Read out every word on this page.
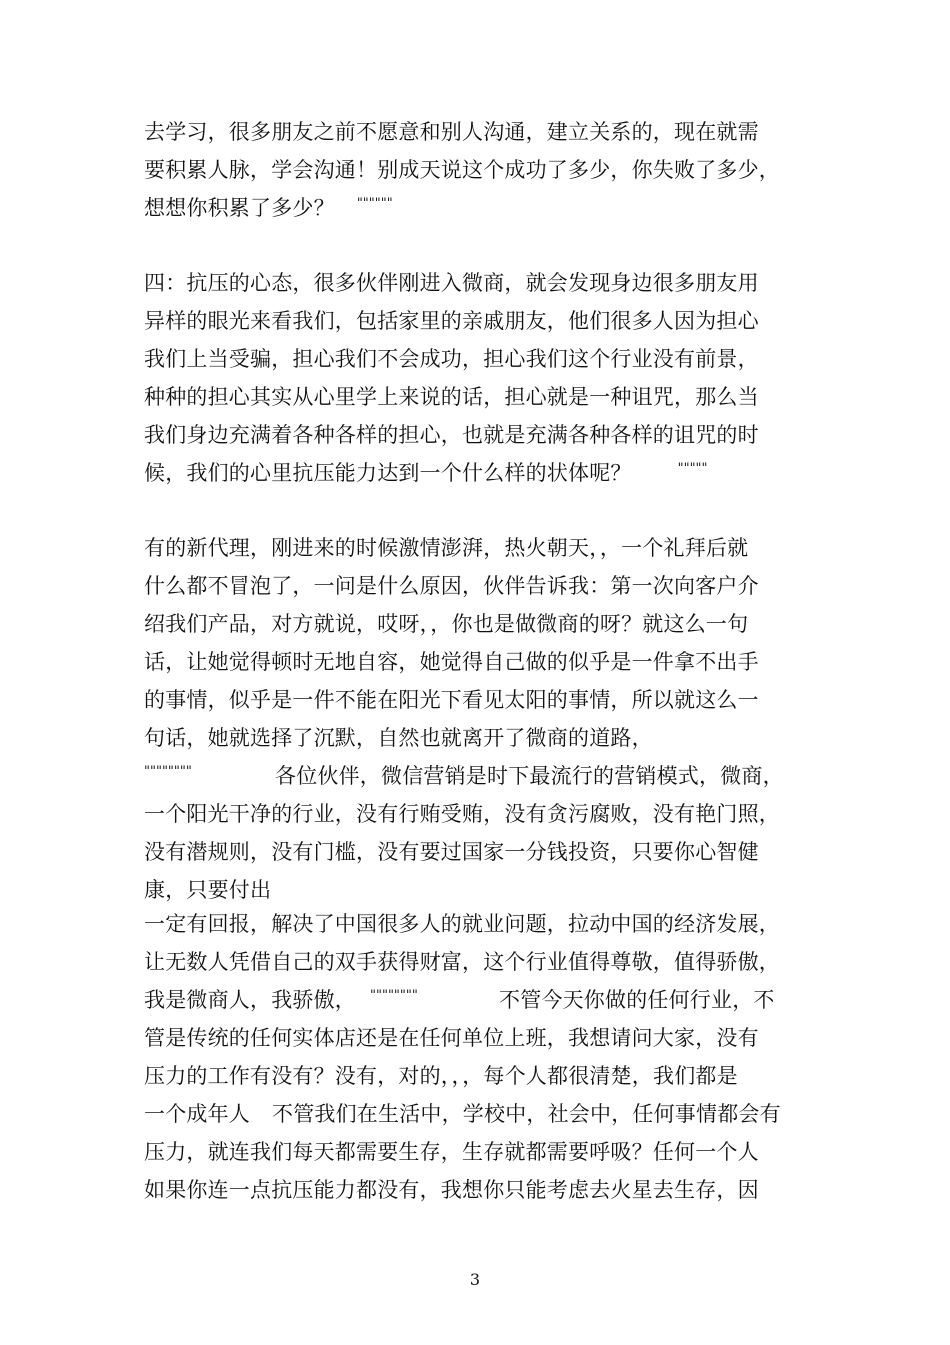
去学习，很多朋友之前不愿意和别人沟通，建立关系的，现在就需
要积累人脉，学会沟通！别成天说这个成功了多少，你失败了多少，
想想你积累了多少？ """"""
四：抗压的心态，很多伙伴刚进入微商，就会发现身边很多朋友用
异样的眼光来看我们，包括家里的亲戚朋友，他们很多人因为担心
我们上当受骗，担心我们不会成功，担心我们这个行业没有前景，
种种的担心其实从心里学上来说的话，担心就是一种诅咒，那么当
我们身边充满着各种各样的担心，也就是充满各种各样的诅咒的时
候，我们的心里抗压能力达到一个什么样的状体呢？	"""""
有的新代理，刚进来的时候激情澎湃，热火朝天，，一个礼拜后就
什么都不冒泡了，一问是什么原因，伙伴告诉我：第一次向客户介
绍我们产品，对方就说，哎呀，，你也是做微商的呀？就这么一句
话，让她觉得顿时无地自容，她觉得自己做的似乎是一件拿不出手
的事情，似乎是一件不能在阳光下看见太阳的事情，所以就这么一
句话，她就选择了沉默，自然也就离开了微商的道路，
""""""""	各位伙伴，微信营销是时下最流行的营销模式，微商，
一个阳光干净的行业，没有行贿受贿，没有贪污腐败，没有艳门照，
没有潜规则，没有门槛，没有要过国家一分钱投资，只要你心智健
康，只要付出
一定有回报，解决了中国很多人的就业问题，拉动中国的经济发展，
让无数人凭借自己的双手获得财富，这个行业值得尊敬，值得骄傲，
我是微商人，我骄傲， """"""""	不管今天你做的任何行业，不
管是传统的任何实体店还是在任何单位上班，我想请问大家，没有
压力的工作有没有？没有，对的，，，每个人都很清楚，我们都是
一个成年人 不管我们在生活中，学校中，社会中，任何事情都会有
压力，就连我们每天都需要生存，生存就都需要呼吸？任何一个人
如果你连一点抗压能力都没有，我想你只能考虑去火星去生存，因
3
